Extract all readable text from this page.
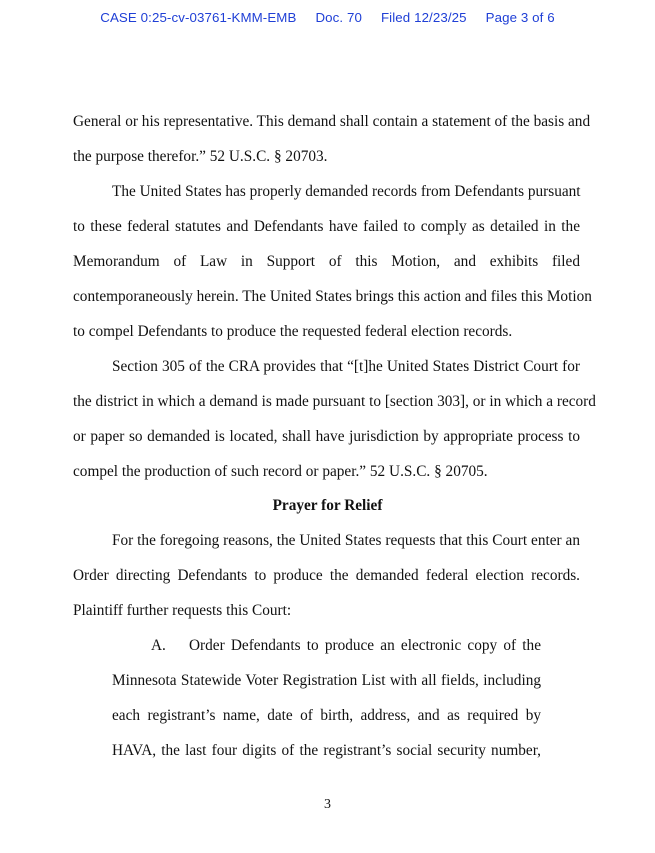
CASE 0:25-cv-03761-KMM-EMB Doc. 70 Filed 12/23/25 Page 3 of 6
General or his representative. This demand shall contain a statement of the basis and
the purpose therefor.” 52 U.S.C. § 20703.
The United States has properly demanded records from Defendants pursuant
to these federal statutes and Defendants have failed to comply as detailed in the
Memorandum of Law in Support of this Motion, and exhibits filed
contemporaneously herein. The United States brings this action and files this Motion
to compel Defendants to produce the requested federal election records.
Section 305 of the CRA provides that “[t]he United States District Court for
the district in which a demand is made pursuant to [section 303], or in which a record
or paper so demanded is located, shall have jurisdiction by appropriate process to
compel the production of such record or paper.” 52 U.S.C. § 20705.
Prayer for Relief
For the foregoing reasons, the United States requests that this Court enter an
Order directing Defendants to produce the demanded federal election records.
Plaintiff further requests this Court:
A. Order Defendants to produce an electronic copy of the
Minnesota Statewide Voter Registration List with all fields, including
each registrant’s name, date of birth, address, and as required by
HAVA, the last four digits of the registrant’s social security number,
3
